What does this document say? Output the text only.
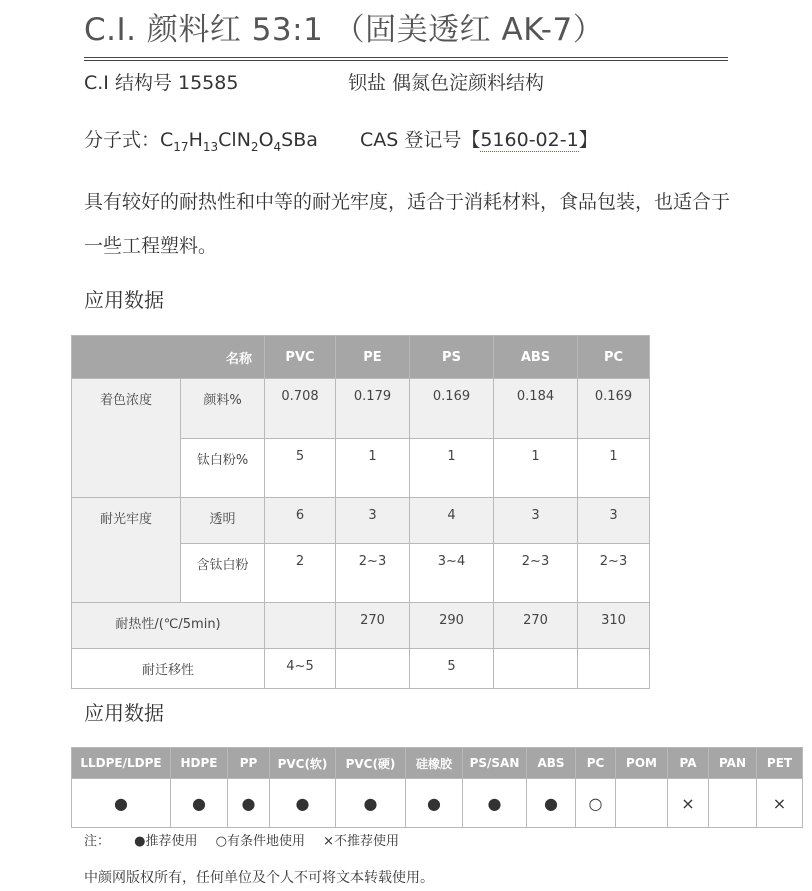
C.I. 颜料红 53:1 （固美透红 AK-7）
C.I 结构号 15585	钡盐 偶氮色淀颜料结构
分子式：$C_{17}H_{13}ClN_2O_4SBa$ CAS 登记号【5160-02-1】
具有较好的耐热性和中等的耐光牢度，适合于消耗材料，食品包装，也适合于一些工程塑料。
应用数据
名称		PVC	PE	PS	ABS	PC
着色浓度	颜料%	0.708	0.179	0.169	0.184	0.169
	钛白粉%	5	1	1	1	1
耐光牢度	透明	6	3	4	3	3
	含钛白粉	2	2~3	3~4	2~3	2~3
耐热性/(℃/5min)			270	290	270	310
耐迁移性		4~5		5		
应用数据
LLDPE/LDPE	HDPE	PP	PVC(软)	PVC(硬)	硅橡胶	PS/SAN	ABS	PC	POM	PA	PAN	PET
●	●	●	●	●	●	●	●	○		×		×
注： ●推荐使用 ○有条件地使用 ×不推荐使用
中颜网版权所有，任何单位及个人不可将文本转载使用。
